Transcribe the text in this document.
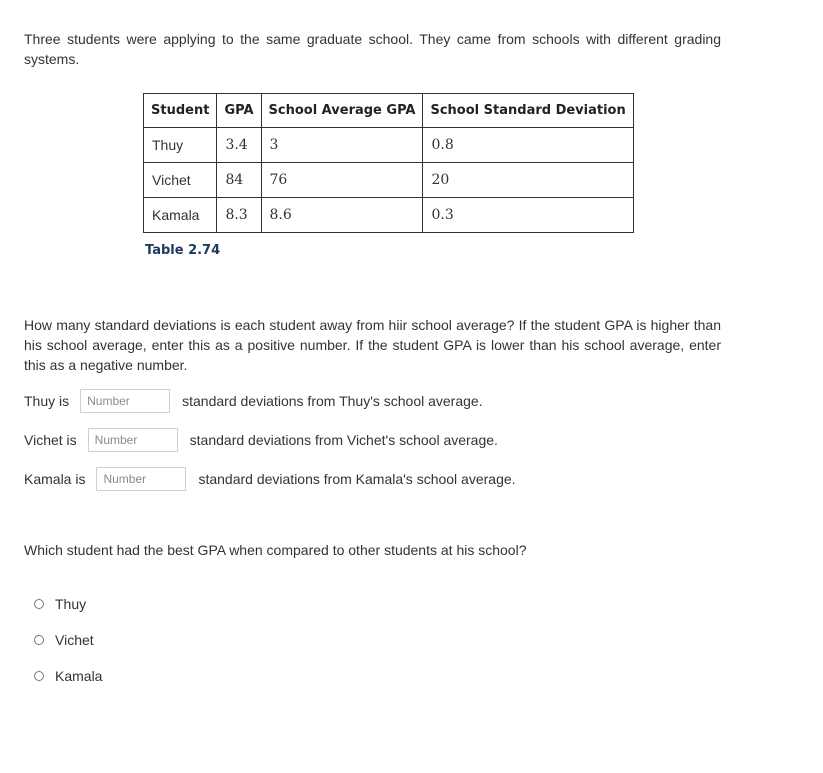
Three students were applying to the same graduate school. They came from schools with different grading systems.

Student	GPA	School Average GPA	School Standard Deviation
Thuy	3.4	3	0.8
Vichet	84	76	20
Kamala	8.3	8.6	0.3
Table 2.74

How many standard deviations is each student away from hiir school average? If the student GPA is higher than his school average, enter this as a positive number. If the student GPA is lower than his school average, enter this as a negative number.

Thuy is
Number	standard deviations from Thuy's school average.
Vichet is
Number	standard deviations from Vichet's school average.
Kamala is
Number	standard deviations from Kamala's school average.

Which student had the best GPA when compared to other students at his school?

Thuy
Vichet
Kamala
